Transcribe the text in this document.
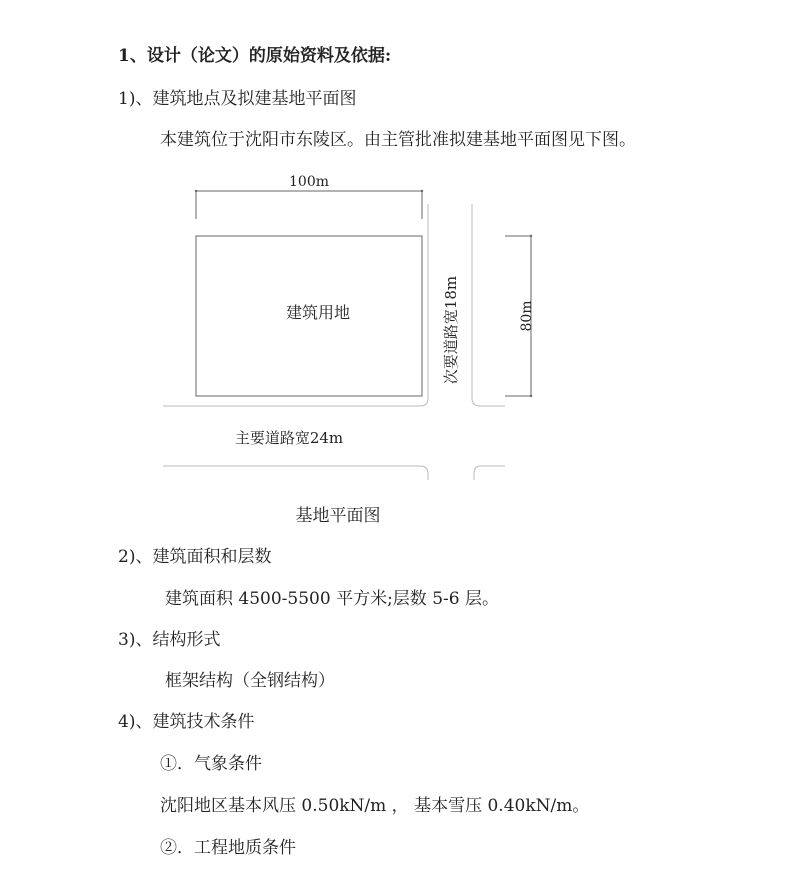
1、设计（论文）的原始资料及依据:
1)、建筑地点及拟建基地平面图
本建筑位于沈阳市东陵区。由主管批准拟建基地平面图见下图。
100m
建筑用地	次要道路宽18m	80m
主要道路宽24m
基地平面图
2)、建筑面积和层数
建筑面积 4500-5500 平方米;层数 5-6 层。
3)、结构形式
框架结构（全钢结构）
4)、建筑技术条件
①．气象条件
沈阳地区基本风压 0.50kN/m ， 基本雪压 0.40kN/m。
②．工程地质条件
